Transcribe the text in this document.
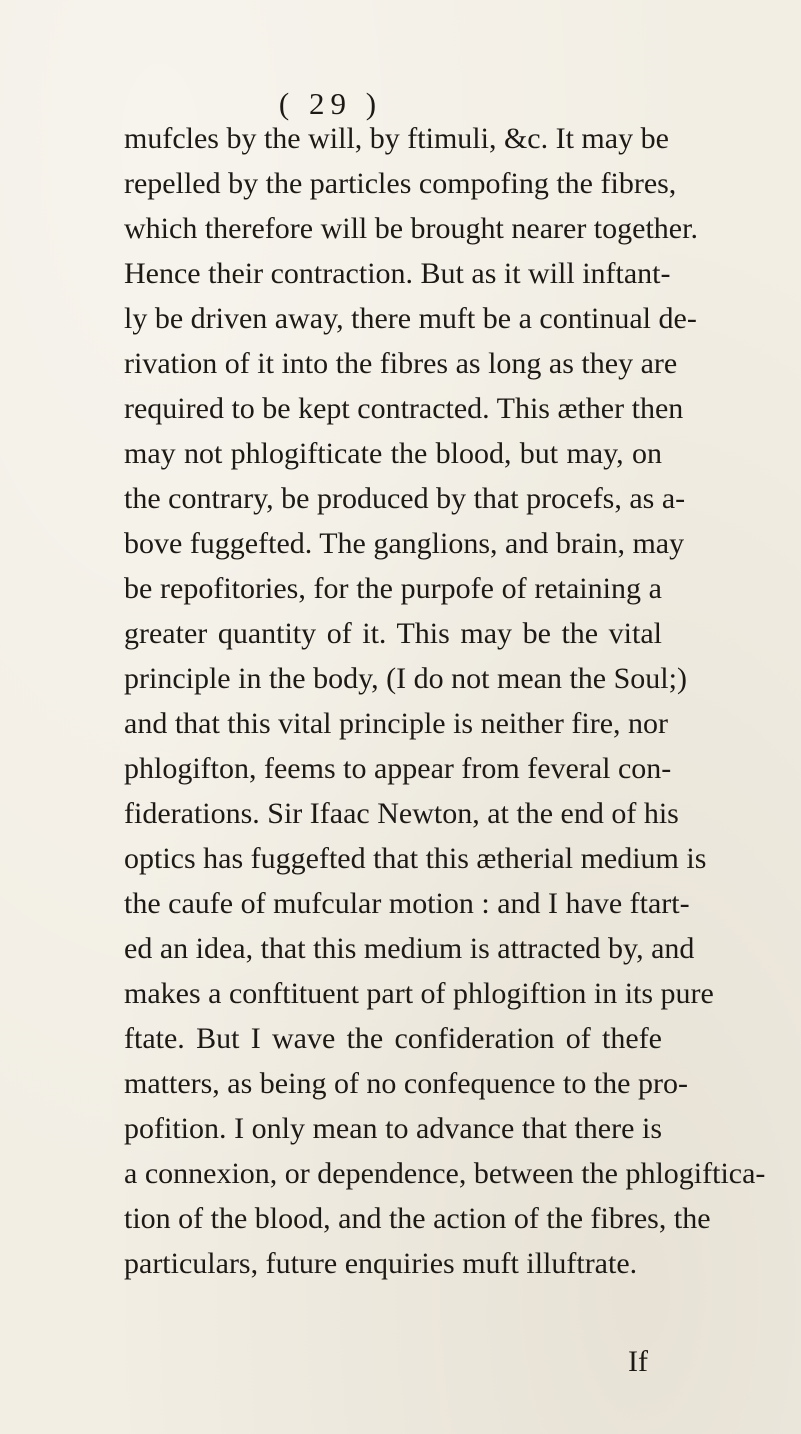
( 29 )
mufcles by the will, by ftimuli, &c. It may be
repelled by the particles compofing the fibres,
which therefore will be brought nearer together.
Hence their contraction. But as it will inftant-
ly be driven away, there muft be a continual de-
rivation of it into the fibres as long as they are
required to be kept contracted. This æther then
may not phlogifticate the blood, but may, on
the contrary, be produced by that procefs, as a-
bove fuggefted. The ganglions, and brain, may
be repofitories, for the purpofe of retaining a
greater quantity of it. This may be the vital
principle in the body, (I do not mean the Soul;)
and that this vital principle is neither fire, nor
phlogifton, feems to appear from feveral con-
fiderations. Sir Ifaac Newton, at the end of his
optics has fuggefted that this ætherial medium is
the caufe of mufcular motion : and I have ftart-
ed an idea, that this medium is attracted by, and
makes a conftituent part of phlogiftion in its pure
ftate. But I wave the confideration of thefe
matters, as being of no confequence to the pro-
pofition. I only mean to advance that there is
a connexion, or dependence, between the phlogiftica-
tion of the blood, and the action of the fibres, the
particulars, future enquiries muft illuftrate.
If
